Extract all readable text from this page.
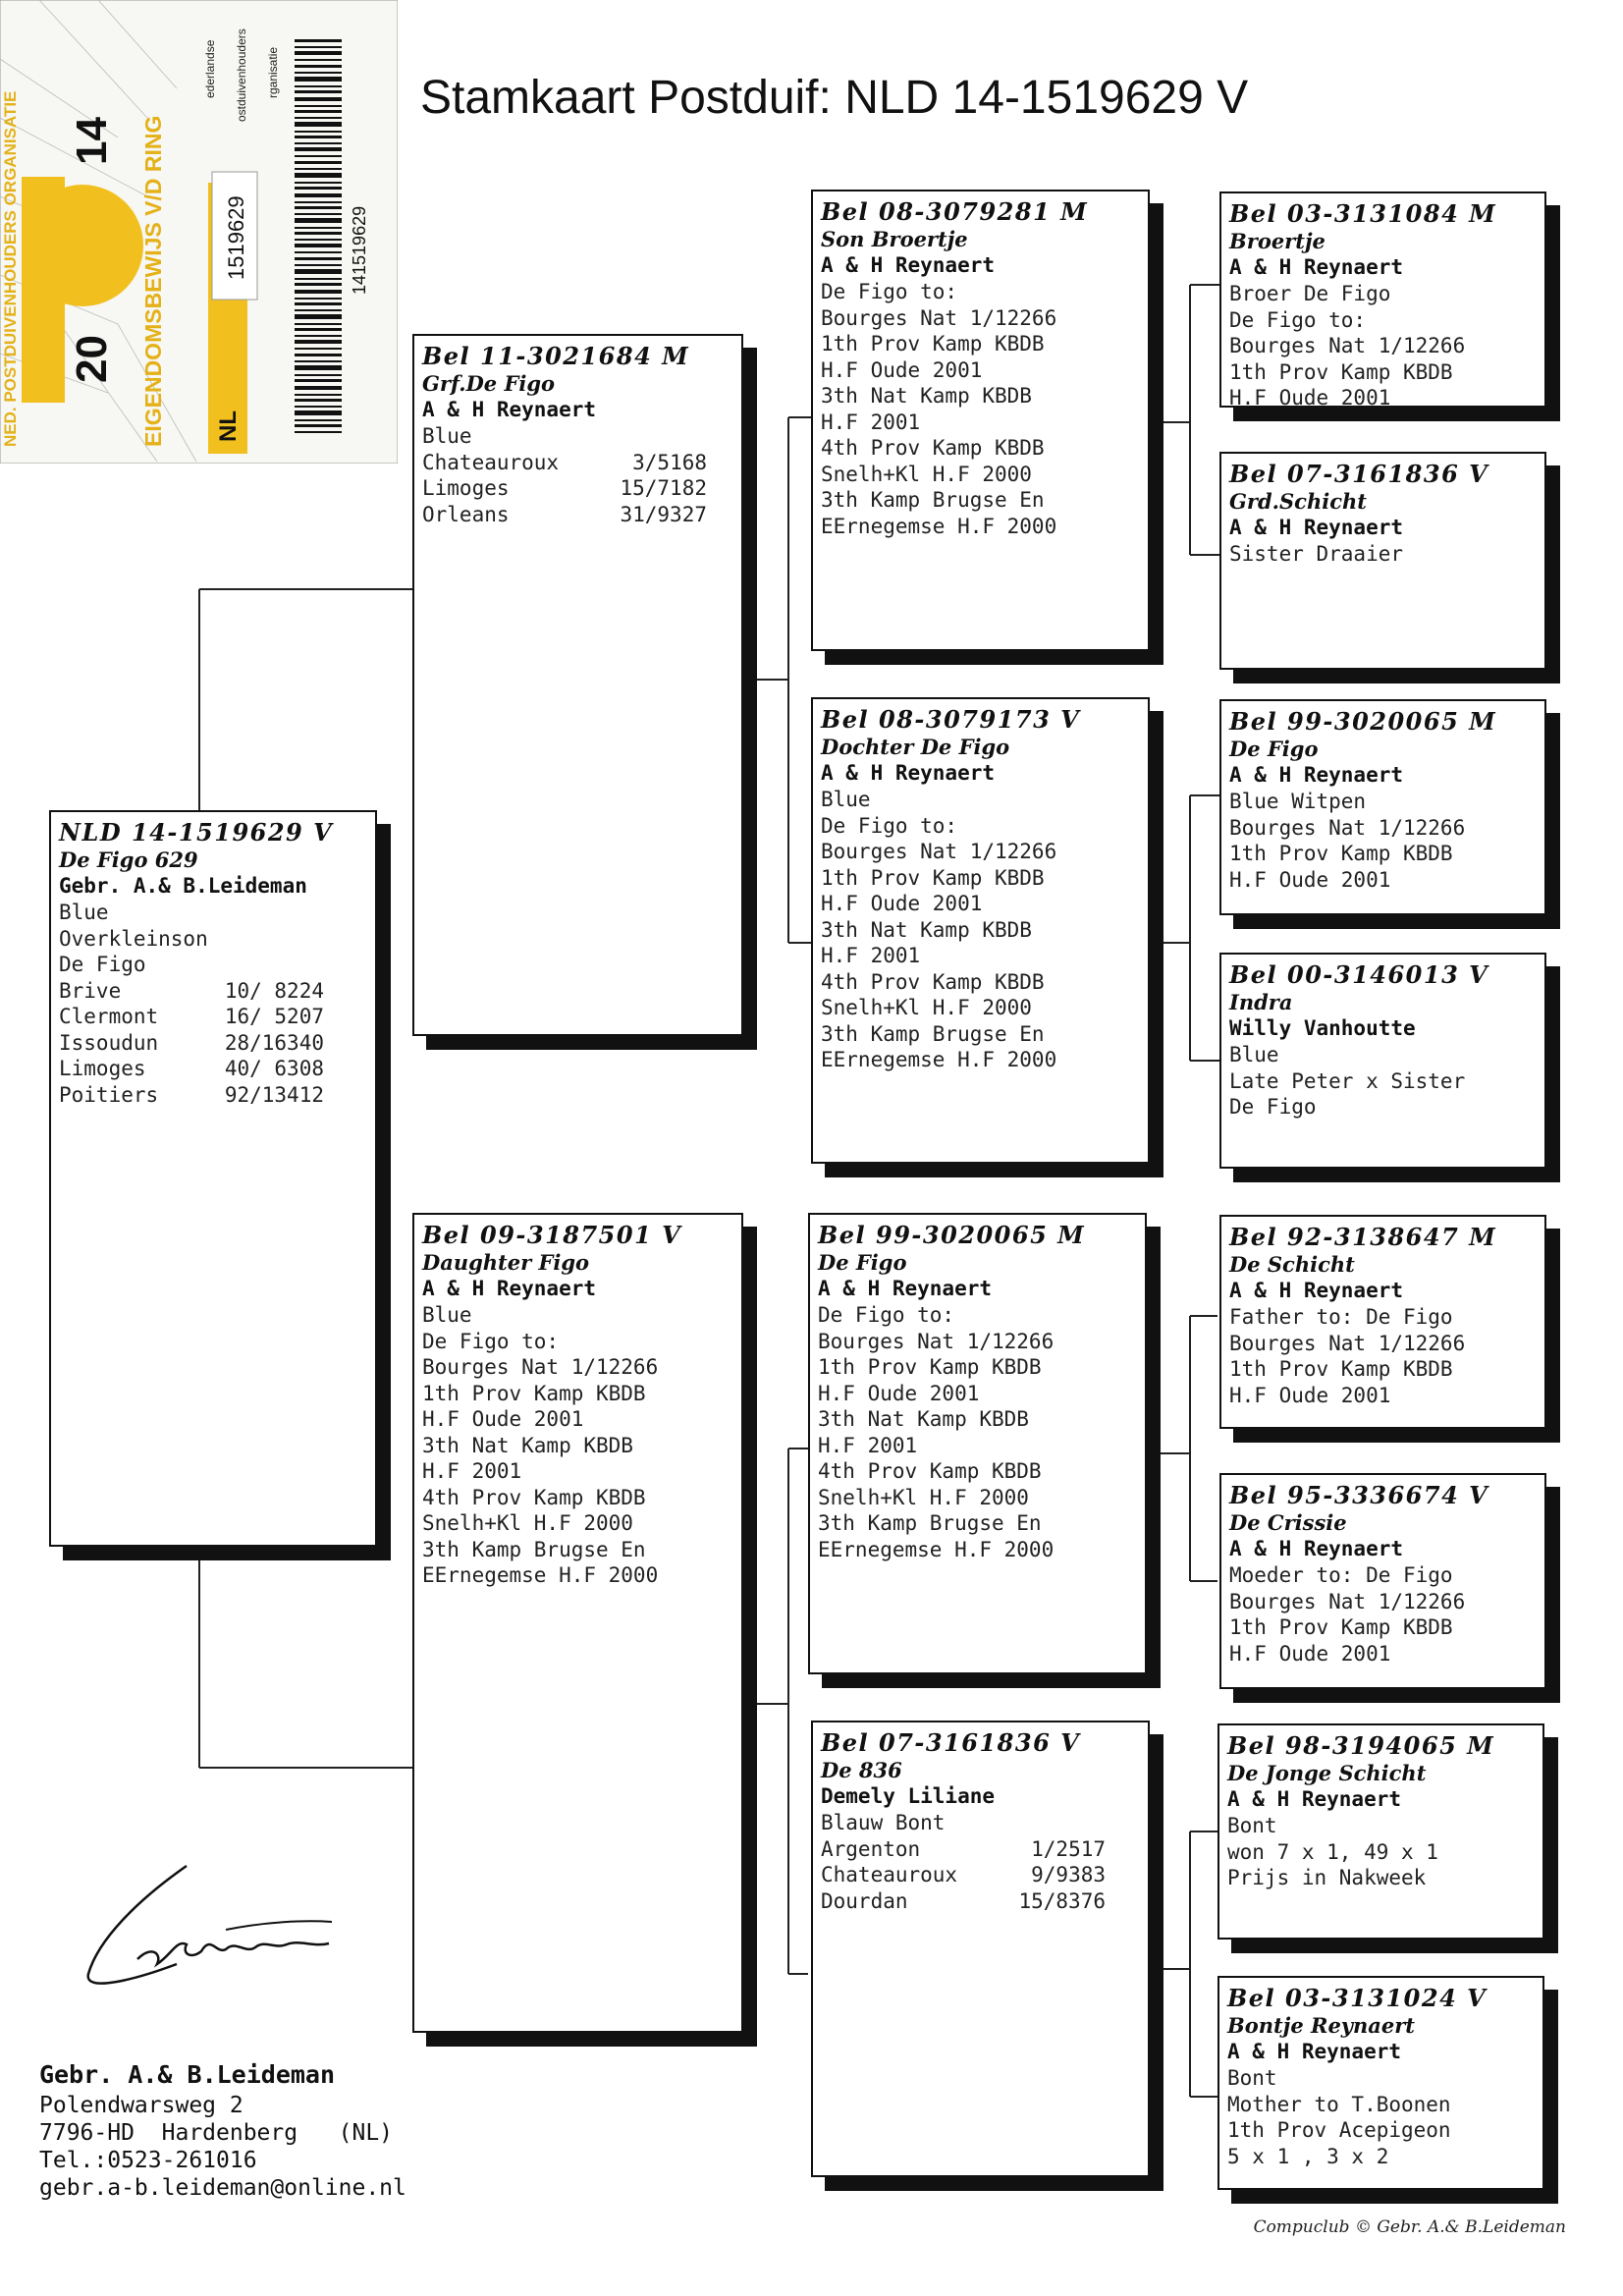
Stamkaart Postduif: NLD 14-1519629 V
NED. POSTDUIVENHOUDERS ORGANISATIE 20
14 EIGENDOMSBEWIJS V/D RING NL
1519629
ederlandse ostduivenhouders rganisatie
141519629
NLD 14-1519629 V
De Figo 629
Gebr. A.& B.Leideman
Blue
Overkleinson
De Figo
Brive	10/ 8224
Clermont	16/ 5207
Issoudun	28/16340
Limoges	40/ 6308
Poitiers	92/13412
Bel 11-3021684 M
Grf.De Figo
A & H Reynaert
Blue
Chateauroux	3/5168
Limoges	15/7182
Orleans	31/9327
Bel 09-3187501 V
Daughter Figo
A & H Reynaert
Blue
De Figo to:
Bourges Nat 1/12266
1th Prov Kamp KBDB
H.F Oude 2001
3th Nat Kamp KBDB
H.F 2001
4th Prov Kamp KBDB
Snelh+Kl H.F 2000
3th Kamp Brugse En
EErnegemse H.F 2000
Bel 08-3079281 M
Son Broertje
A & H Reynaert
De Figo to:
Bourges Nat 1/12266
1th Prov Kamp KBDB
H.F Oude 2001
3th Nat Kamp KBDB
H.F 2001
4th Prov Kamp KBDB
Snelh+Kl H.F 2000
3th Kamp Brugse En
EErnegemse H.F 2000
Bel 08-3079173 V
Dochter De Figo
A & H Reynaert
Blue
De Figo to:
Bourges Nat 1/12266
1th Prov Kamp KBDB
H.F Oude 2001
3th Nat Kamp KBDB
H.F 2001
4th Prov Kamp KBDB
Snelh+Kl H.F 2000
3th Kamp Brugse En
EErnegemse H.F 2000
Bel 99-3020065 M
De Figo
A & H Reynaert
De Figo to:
Bourges Nat 1/12266
1th Prov Kamp KBDB
H.F Oude 2001
3th Nat Kamp KBDB
H.F 2001
4th Prov Kamp KBDB
Snelh+Kl H.F 2000
3th Kamp Brugse En
EErnegemse H.F 2000
Bel 07-3161836 V
De 836
Demely Liliane
Blauw Bont
Argenton	1/2517
Chateauroux	9/9383
Dourdan	15/8376
Bel 03-3131084 M
Broertje
A & H Reynaert
Broer De Figo
De Figo to:
Bourges Nat 1/12266
1th Prov Kamp KBDB
H.F Oude 2001
Bel 07-3161836 V
Grd.Schicht
A & H Reynaert
Sister Draaier
Bel 99-3020065 M
De Figo
A & H Reynaert
Blue Witpen
Bourges Nat 1/12266
1th Prov Kamp KBDB
H.F Oude 2001
Bel 00-3146013 V
Indra
Willy Vanhoutte
Blue
Late Peter x Sister
De Figo
Bel 92-3138647 M
De Schicht
A & H Reynaert
Father to: De Figo
Bourges Nat 1/12266
1th Prov Kamp KBDB
H.F Oude 2001
Bel 95-3336674 V
De Crissie
A & H Reynaert
Moeder to: De Figo
Bourges Nat 1/12266
1th Prov Kamp KBDB
H.F Oude 2001
Bel 98-3194065 M
De Jonge Schicht
A & H Reynaert
Bont
won 7 x 1, 49 x 1
Prijs in Nakweek
Bel 03-3131024 V
Bontje Reynaert
A & H Reynaert
Bont
Mother to T.Boonen
1th Prov Acepigeon
5 x 1 , 3 x 2
Gebr. A.& B.Leideman
Polendwarsweg 2
7796-HD  Hardenberg   (NL)
Tel.:0523-261016
gebr.a-b.leideman@online.nl
Compuclub © Gebr. A.& B.Leideman
